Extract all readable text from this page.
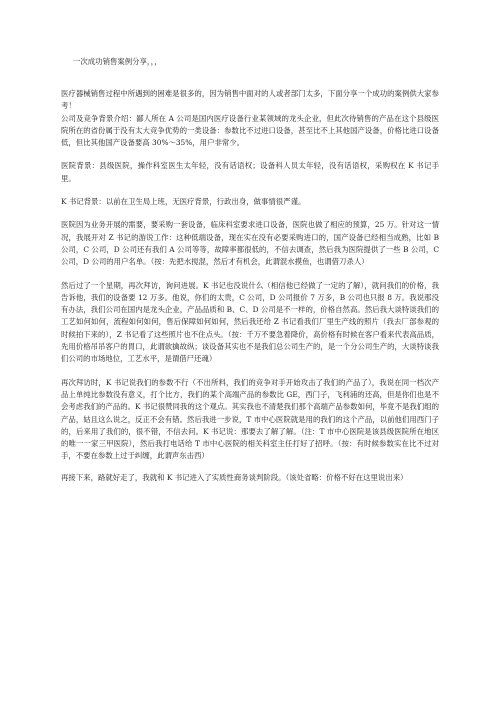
一次成功销售案例分享，，，

医疗器械销售过程中所遇到的困难是很多的，因为销售中面对的人或者部门太多，下面分享一个成功的案例供大家参考！

公司及竞争背景介绍：鄙人所在 A 公司是国内医疗设备行业某领域的龙头企业，但此次待销售的产品在这个县级医院所在的省份属于没有太大竞争优势的一类设备：参数比不过进口设备，甚至比不上其他国产设备，价格比进口设备低，但比其他国产设备要高 30%～35%，用户非常少。

医院背景：县级医院，操作科室医生太年轻，没有话语权；设备科人员太年轻，没有话语权，采购权在 K 书记手里。

K 书记背景：以前在卫生局上班，无医疗背景，行政出身，做事情很严谨。

医院因为业务开展的需要，要采购一套设备，临床科室要求进口设备，医院也做了相应的预算，25 万。针对这一情况，我展开对 Z 书记的游说工作：这种低端设备，现在实在没有必要采购进口的，国产设备已经相当成熟，比如 B 公司，C 公司，D 公司还有我们 A 公司等等，故障率都很低的，不信去调查，然后我为医院提供了一些 B 公司，C 公司，D 公司的用户名单。（按：先把水搅混，然后才有机会，此谓混水摸鱼，也谓借刀杀人）

然后过了一个星期，再次拜访，询问进展。K 书记也没说什么（相信他已经做了一定的了解），就问我们的价格，我告诉他，我们的设备要 12 万多。他说，你们的太贵，C 公司，D 公司报价 7 万多，B 公司也只报 8 万。我说那没有办法，我们公司在国内是龙头企业，产品品质和 B、C、D 公司是不一样的，价格自然高。然后我大谈特谈我们的工艺如何如何，流程如何如何，售后保障如何如何，然后我还给 Z 书记看我们厂里生产线的照片（我去厂部参观的时候拍下来的），Z 书记看了这些照片也不住点头。（按：千万不要急着降价，高价格有时候在客户看来代表高品质，先用价格吊吊客户的胃口，此谓欲擒故纵；谈设备其实也不是我们总公司生产的，是一个分公司生产的，大谈特谈我们公司的市场地位，工艺水平，是谓借尸还魂）

再次拜访时，K 书记说我们的参数不行（不出所料，我们的竞争对手开始攻击了我们的产品了），我说在同一档次产品上单纯比参数没有意义，打个比方，我们的某个高端产品的参数比 GE，西门子，飞利浦的还高，但是你们也是不会考虑我们的产品的。K 书记很赞同我的这个观点。其实我也不清楚我们那个高端产品参数如何，毕竟不是我们组的产品，姑且这么说之，反正不会有错。然后我进一步说，T 市中心医院就是用的我们的这个产品，以前他们用西门子的，后来用了我们的，很不错，不信去问。K 书记说：那要去了解了解。（注：T 市中心医院是该县级医院所在地区的唯一一家三甲医院），然后我打电话给 T 市中心医院的相关科室主任打好了招呼。（按：有时候参数实在比不过对手，不要在参数上过于纠缠，此谓声东击西）

再接下来，路就好走了，我就和 K 书记进入了实质性商务谈判阶段。（该处省略：价格不好在这里说出来）
